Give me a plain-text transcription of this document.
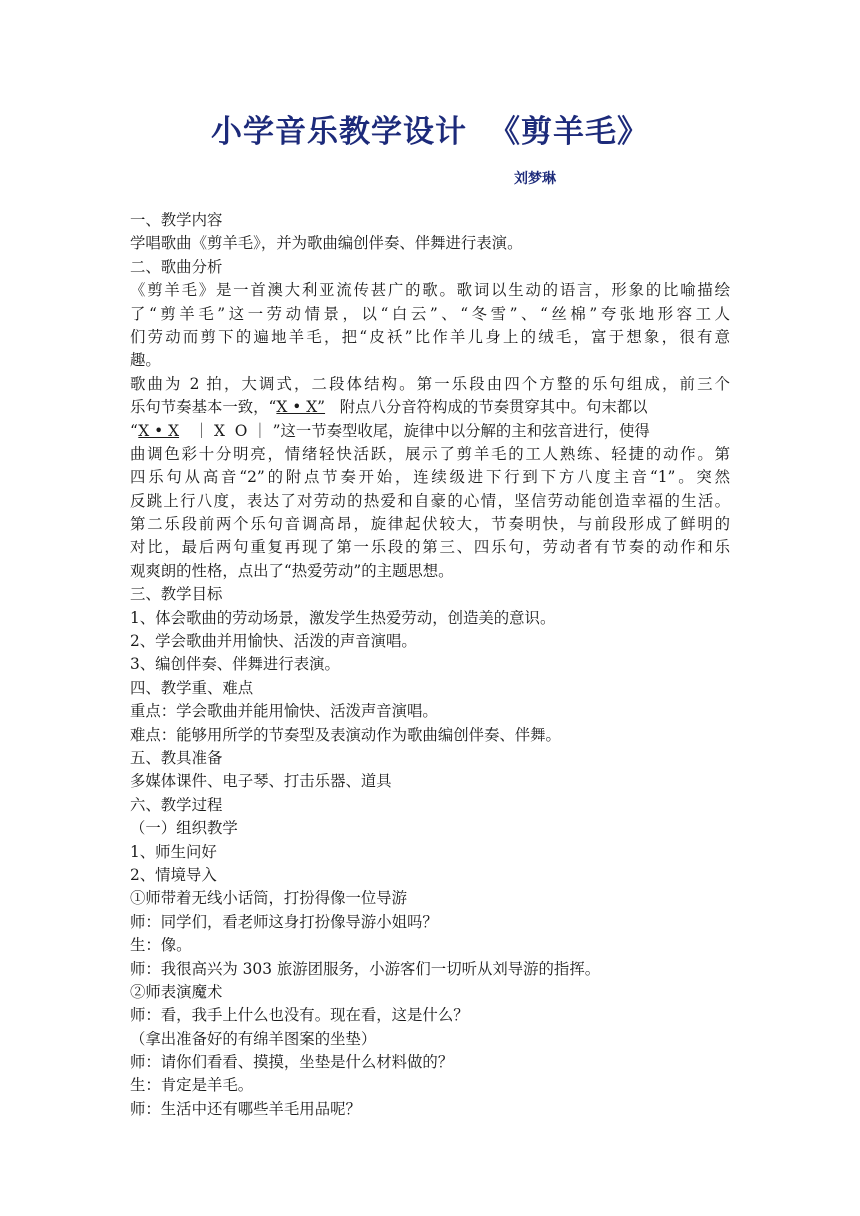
小学音乐教学设计 《剪羊毛》
刘梦琳
一、教学内容
学唱歌曲《剪羊毛》，并为歌曲编创伴奏、伴舞进行表演。
二、歌曲分析
《剪羊毛》是一首澳大利亚流传甚广的歌。歌词以生动的语言，形象的比喻描绘
了“剪羊毛”这一劳动情景，以“白云”、“冬雪”、“丝棉”夸张地形容工人
们劳动而剪下的遍地羊毛，把“皮袄”比作羊儿身上的绒毛，富于想象，很有意
趣。
歌曲为 2 拍，大调式，二段体结构。第一乐段由四个方整的乐句组成，前三个
乐句节奏基本一致，“X • X”   附点八分音符构成的节奏贯穿其中。句末都以
“X • X   ｜ X  O ｜ ”这一节奏型收尾，旋律中以分解的主和弦音进行，使得
曲调色彩十分明亮，情绪轻快活跃，展示了剪羊毛的工人熟练、轻捷的动作。第
四乐句从高音“2”的附点节奏开始，连续级进下行到下方八度主音“1”。突然
反跳上行八度，表达了对劳动的热爱和自豪的心情，坚信劳动能创造幸福的生活。
第二乐段前两个乐句音调高昂，旋律起伏较大，节奏明快，与前段形成了鲜明的
对比，最后两句重复再现了第一乐段的第三、四乐句，劳动者有节奏的动作和乐
观爽朗的性格，点出了“热爱劳动”的主题思想。
三、教学目标
1、体会歌曲的劳动场景，激发学生热爱劳动，创造美的意识。
2、学会歌曲并用愉快、活泼的声音演唱。
3、编创伴奏、伴舞进行表演。
四、教学重、难点
重点：学会歌曲并能用愉快、活泼声音演唱。
难点：能够用所学的节奏型及表演动作为歌曲编创伴奏、伴舞。
五、教具准备
多媒体课件、电子琴、打击乐器、道具
六、教学过程
（一）组织教学
1、师生问好
2、情境导入
①师带着无线小话筒，打扮得像一位导游
师：同学们，看老师这身打扮像导游小姐吗？
生：像。
师：我很高兴为 303 旅游团服务，小游客们一切听从刘导游的指挥。
②师表演魔术
师：看，我手上什么也没有。现在看，这是什么？
（拿出准备好的有绵羊图案的坐垫）
师：请你们看看、摸摸，坐垫是什么材料做的？
生：肯定是羊毛。
师：生活中还有哪些羊毛用品呢？
